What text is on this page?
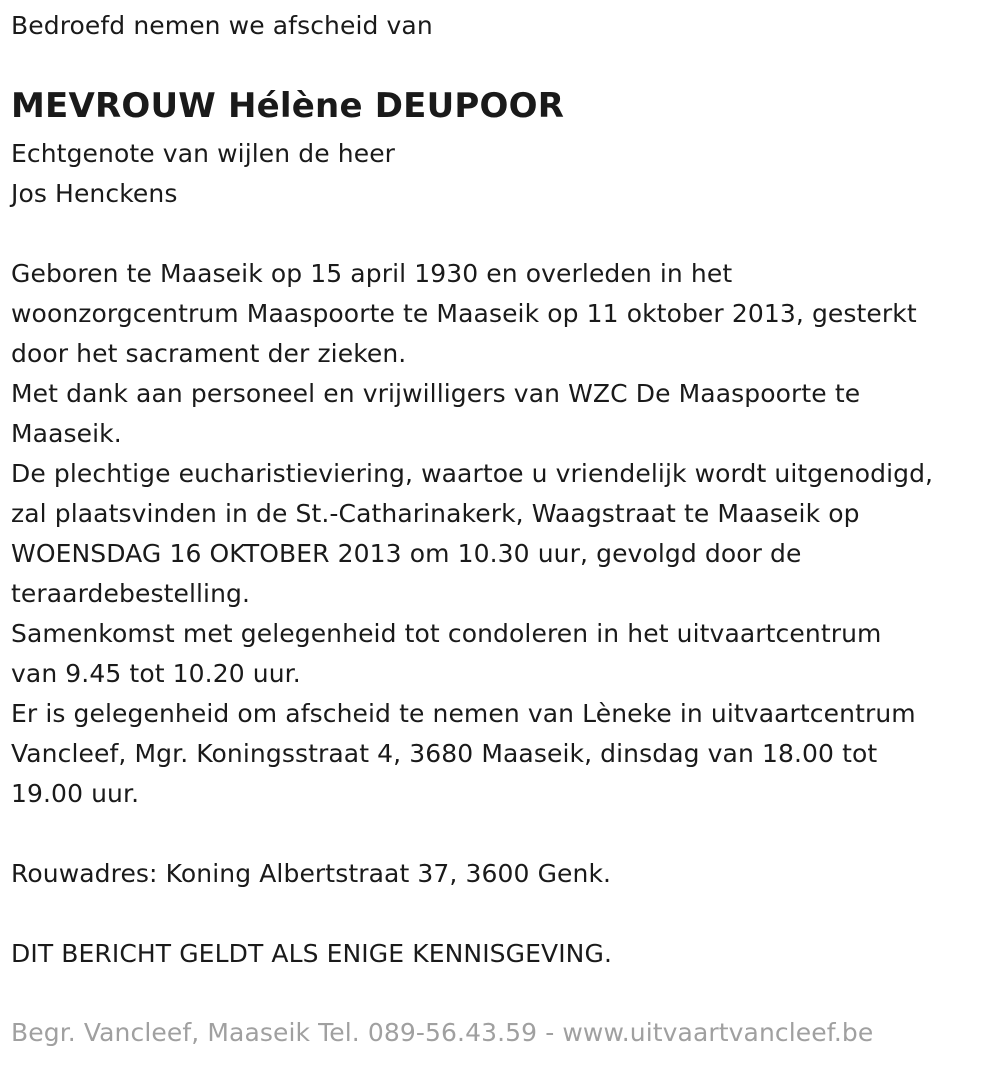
Bedroefd nemen we afscheid van
MEVROUW Hélène DEUPOOR
Echtgenote van wijlen de heer
Jos Henckens
Geboren te Maaseik op 15 april 1930 en overleden in het
woonzorgcentrum Maaspoorte te Maaseik op 11 oktober 2013, gesterkt
door het sacrament der zieken.
Met dank aan personeel en vrijwilligers van WZC De Maaspoorte te
Maaseik.
De plechtige eucharistieviering, waartoe u vriendelijk wordt uitgenodigd,
zal plaatsvinden in de St.-Catharinakerk, Waagstraat te Maaseik op
WOENSDAG 16 OKTOBER 2013 om 10.30 uur, gevolgd door de
teraardebestelling.
Samenkomst met gelegenheid tot condoleren in het uitvaartcentrum
van 9.45 tot 10.20 uur.
Er is gelegenheid om afscheid te nemen van Lèneke in uitvaartcentrum
Vancleef, Mgr. Koningsstraat 4, 3680 Maaseik, dinsdag van 18.00 tot
19.00 uur.
Rouwadres: Koning Albertstraat 37, 3600 Genk.
DIT BERICHT GELDT ALS ENIGE KENNISGEVING.
Begr. Vancleef, Maaseik Tel. 089-56.43.59 - www.uitvaartvancleef.be
